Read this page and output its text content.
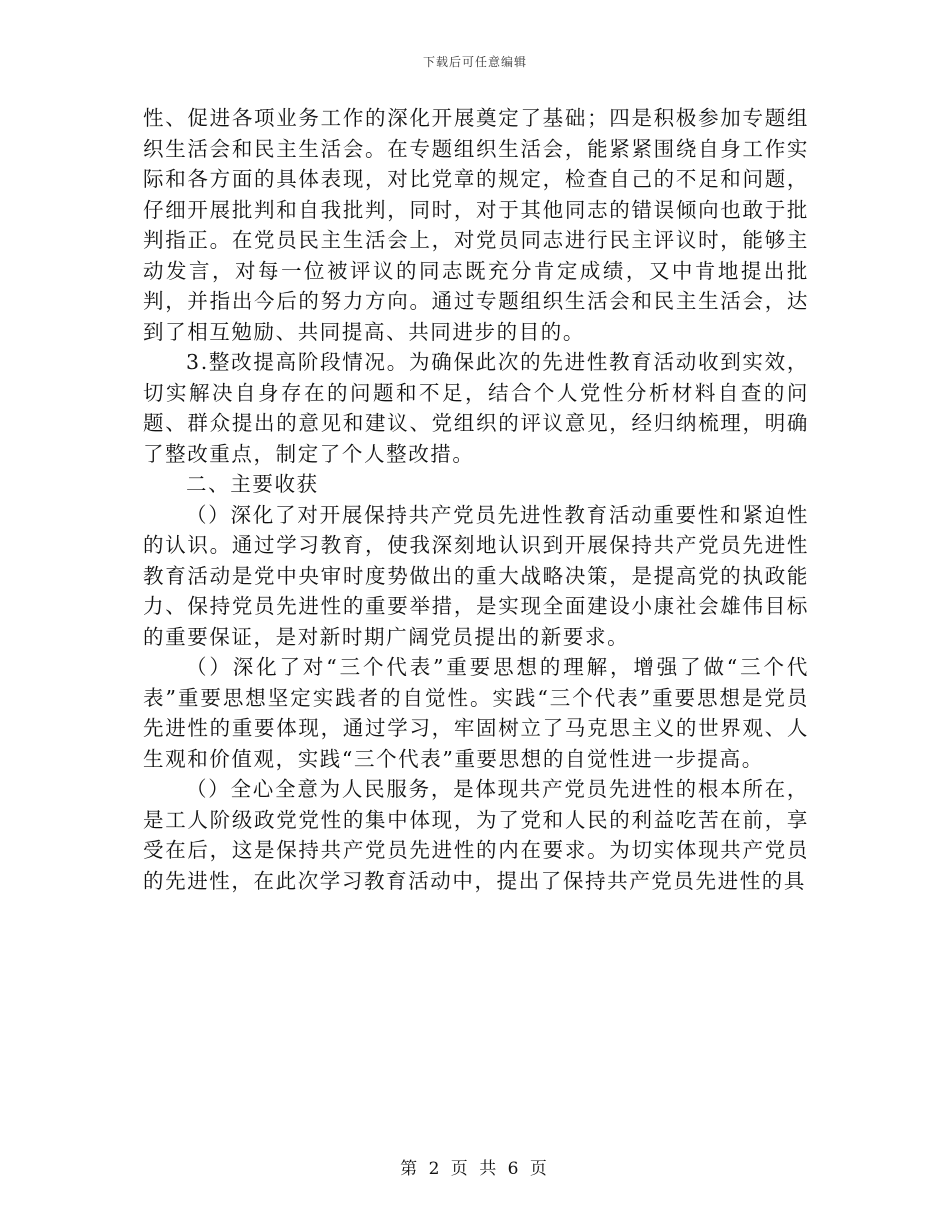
下载后可任意编辑

性、促进各项业务工作的深化开展奠定了基础；四是积极参加专题组织生活会和民主生活会。在专题组织生活会，能紧紧围绕自身工作实际和各方面的具体表现，对比党章的规定，检查自己的不足和问题，仔细开展批判和自我批判，同时，对于其他同志的错误倾向也敢于批判指正。在党员民主生活会上，对党员同志进行民主评议时，能够主动发言，对每一位被评议的同志既充分肯定成绩，又中肯地提出批判，并指出今后的努力方向。通过专题组织生活会和民主生活会，达到了相互勉励、共同提高、共同进步的目的。

3.整改提高阶段情况。为确保此次的先进性教育活动收到实效，切实解决自身存在的问题和不足，结合个人党性分析材料自查的问题、群众提出的意见和建议、党组织的评议意见，经归纳梳理，明确了整改重点，制定了个人整改措。

二、主要收获

（）深化了对开展保持共产党员先进性教育活动重要性和紧迫性的认识。通过学习教育，使我深刻地认识到开展保持共产党员先进性教育活动是党中央审时度势做出的重大战略决策，是提高党的执政能力、保持党员先进性的重要举措，是实现全面建设小康社会雄伟目标的重要保证，是对新时期广阔党员提出的新要求。

（）深化了对“三个代表”重要思想的理解，增强了做“三个代表”重要思想坚定实践者的自觉性。实践“三个代表”重要思想是党员先进性的重要体现，通过学习，牢固树立了马克思主义的世界观、人生观和价值观，实践“三个代表”重要思想的自觉性进一步提高。

（）全心全意为人民服务，是体现共产党员先进性的根本所在，是工人阶级政党党性的集中体现，为了党和人民的利益吃苦在前，享受在后，这是保持共产党员先进性的内在要求。为切实体现共产党员的先进性，在此次学习教育活动中，提出了保持共产党员先进性的具

第 2 页 共 6 页
